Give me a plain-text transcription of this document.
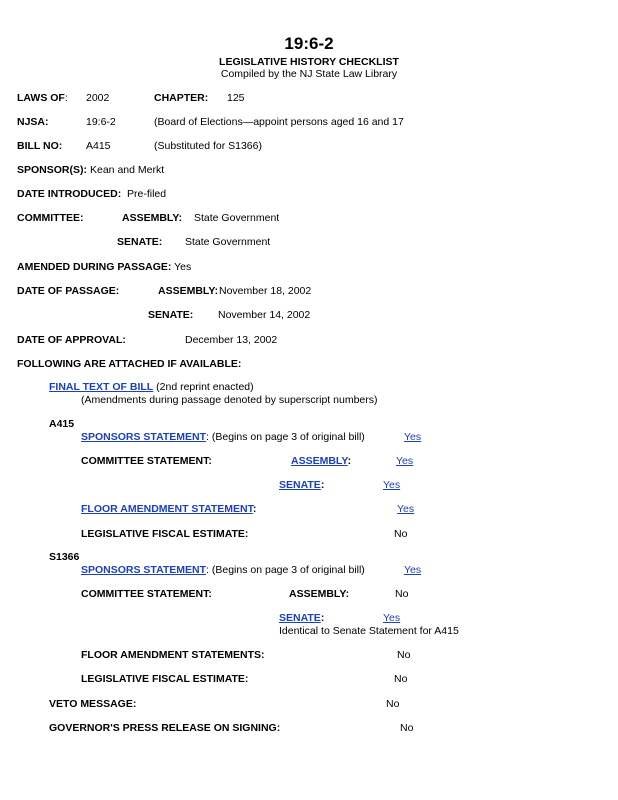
19:6-2
LEGISLATIVE HISTORY CHECKLIST
Compiled by the NJ State Law Library
LAWS OF: 2002	CHAPTER: 125
NJSA:	19:6-2	(Board of Elections—appoint persons aged 16 and 17
BILL NO: A415	(Substituted for S1366)
SPONSOR(S): Kean and Merkt
DATE INTRODUCED: Pre-filed
COMMITTEE:	ASSEMBLY: State Government
SENATE: State Government
AMENDED DURING PASSAGE: Yes
DATE OF PASSAGE:	ASSEMBLY: November 18, 2002
SENATE: November 14, 2002
DATE OF APPROVAL:	December 13, 2002
FOLLOWING ARE ATTACHED IF AVAILABLE:
FINAL TEXT OF BILL (2nd reprint enacted)
(Amendments during passage denoted by superscript numbers)
A415
SPONSORS STATEMENT: (Begins on page 3 of original bill)	Yes
COMMITTEE STATEMENT:	ASSEMBLY:	Yes
SENATE:	Yes
FLOOR AMENDMENT STATEMENT:	Yes
LEGISLATIVE FISCAL ESTIMATE:	No
S1366
SPONSORS STATEMENT: (Begins on page 3 of original bill)	Yes
COMMITTEE STATEMENT:	ASSEMBLY:	No
SENATE:	Yes
Identical to Senate Statement for A415
FLOOR AMENDMENT STATEMENTS:	No
LEGISLATIVE FISCAL ESTIMATE:	No
VETO MESSAGE:	No
GOVERNOR'S PRESS RELEASE ON SIGNING:	No
